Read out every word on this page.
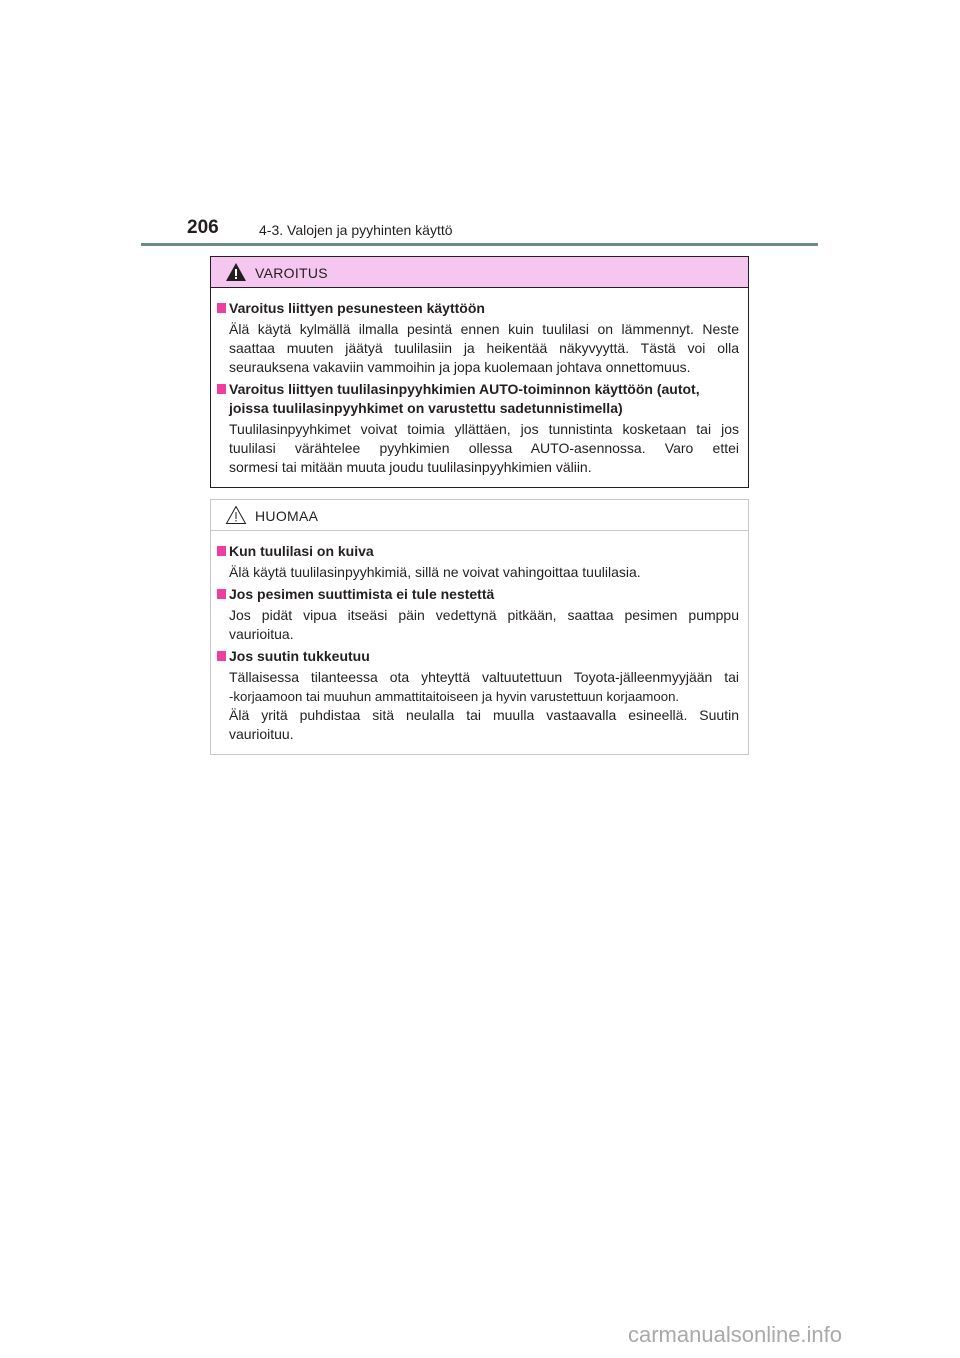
206	4-3. Valojen ja pyyhinten käyttö
VAROITUS
Varoitus liittyen pesunesteen käyttöön
Älä käytä kylmällä ilmalla pesintä ennen kuin tuulilasi on lämmennyt. Neste
saattaa muuten jäätyä tuulilasiin ja heikentää näkyvyyttä. Tästä voi olla
seurauksena vakaviin vammoihin ja jopa kuolemaan johtava onnettomuus.
Varoitus liittyen tuulilasinpyyhkimien AUTO-toiminnon käyttöön (autot, joissa tuulilasinpyyhkimet on varustettu sadetunnistimella)
Tuulilasinpyyhkimet voivat toimia yllättäen, jos tunnistinta kosketaan tai jos
tuulilasi värähtelee pyyhkimien ollessa AUTO-asennossa. Varo ettei
sormesi tai mitään muuta joudu tuulilasinpyyhkimien väliin.
HUOMAA
Kun tuulilasi on kuiva
Älä käytä tuulilasinpyyhkimiä, sillä ne voivat vahingoittaa tuulilasia.
Jos pesimen suuttimista ei tule nestettä
Jos pidät vipua itseäsi päin vedettynä pitkään, saattaa pesimen pumppu
vaurioitua.
Jos suutin tukkeutuu
Tällaisessa tilanteessa ota yhteyttä valtuutettuun Toyota-jälleenmyyjään tai
-korjaamoon tai muuhun ammattitaitoiseen ja hyvin varustettuun korjaamoon.
Älä yritä puhdistaa sitä neulalla tai muulla vastaavalla esineellä. Suutin
vaurioituu.
carmanualsonline.info
